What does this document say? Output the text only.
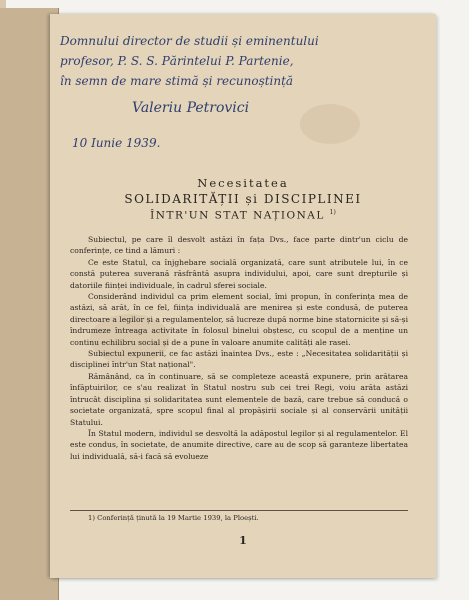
Domnului director de studii și eminentului
profesor, P. S. S. Părintelui P. Partenie,
în semn de mare stimă și recunoștință
Valeriu Petrovici
10 Iunie 1939.
Necesitatea
SOLIDARITĂȚII și DISCIPLINEI
ÎNTR'UN STAT NAȚIONAL $^{1)}$

Subiectul, pe care îl desvolt astăzi în fața Dvs., face parte dintr'un ciclu de conferințe, ce tind a lămuri :

Ce este Statul, ca înjghebare socială organizată, care sunt atributele lui, în ce constă puterea suverană răsfrântă asupra individului, apoi, care sunt drepturile și datoriile ființei individuale, în cadrul sferei sociale.

Considerând individul ca prim element social, îmi propun, în conferința mea de astăzi, să arăt, în ce fel, ființa individuală are menirea și este condusă, de puterea directoare a legilor și a regulamentelor, să lucreze după norme bine statornicite și să-și îndrumeze întreaga activitate în folosul binelui obștesc, cu scopul de a menține un continu echilibru social și de a pune în valoare anumite calități ale rasei.

Subiectul expunerii, ce fac astăzi înaintea Dvs., este : „Necesitatea solidarității și disciplinei într'un Stat național".

Rămânând, ca în continuare, să se completeze această expunere, prin arătarea înfăptuirilor, ce s'au realizat în Statul nostru sub cei trei Regi, voiu arăta astăzi întrucât disciplina și solidaritatea sunt elementele de bază, care trebue să conducă o societate organizată, spre scopul final al propășirii sociale și al conservării unității Statului.

În Statul modern, individul se desvoltă la adăpostul legilor și al regulamentelor. El este condus, în societate, de anumite directive, care au de scop să garanteze libertatea lui individuală, să-i facă să evolueze

1) Conferință ținută la 19 Martie 1939, la Ploești.
1
